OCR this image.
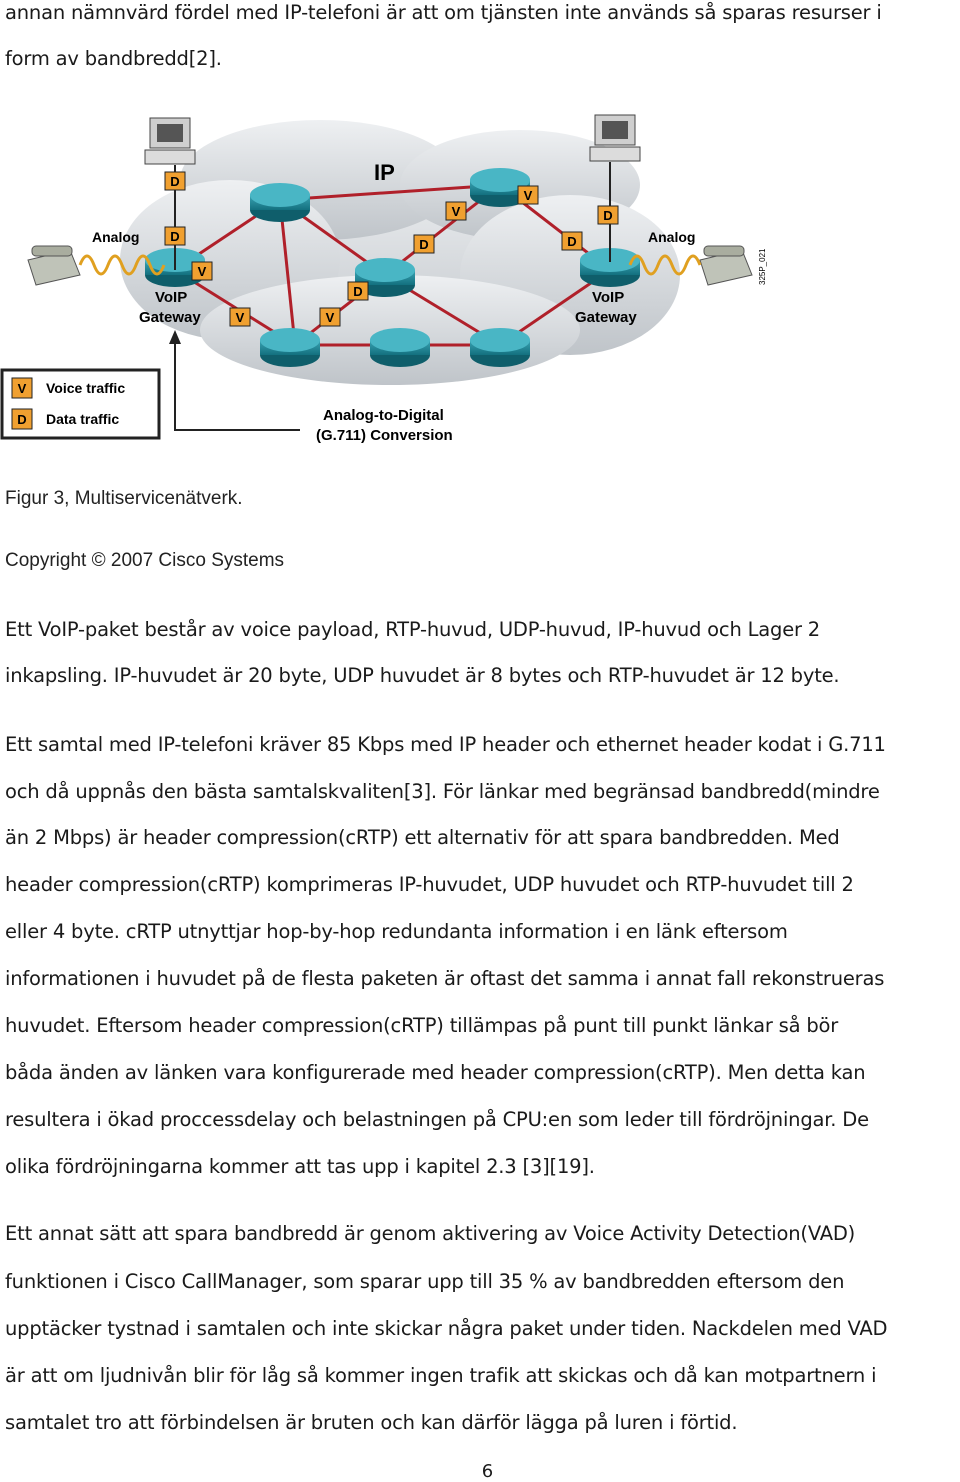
annan nämnvärd fördel med IP-telefoni är att om tjänsten inte används så sparas resurser i
form av bandbredd[2].
IP
Analog	Analog
VoIP
Gateway
VoIP
Gateway
D
D
V
V	V
D
D
V
V
D
D
V Voice traffic
D Data traffic	Analog-to-Digital
(G.711) Conversion
325P_021
Figur 3, Multiservicenätverk.
Copyright © 2007 Cisco Systems
Ett VoIP-paket består av voice payload, RTP-huvud, UDP-huvud, IP-huvud och Lager 2
inkapsling. IP-huvudet är 20 byte, UDP huvudet är 8 bytes och RTP-huvudet är 12 byte.
Ett samtal med IP-telefoni kräver 85 Kbps med IP header och ethernet header kodat i G.711
och då uppnås den bästa samtalskvaliten[3]. För länkar med begränsad bandbredd(mindre
än 2 Mbps) är header compression(cRTP) ett alternativ för att spara bandbredden. Med
header compression(cRTP) komprimeras IP-huvudet, UDP huvudet och RTP-huvudet till 2
eller 4 byte. cRTP utnyttjar hop-by-hop redundanta information i en länk eftersom
informationen i huvudet på de flesta paketen är oftast det samma i annat fall rekonstrueras
huvudet. Eftersom header compression(cRTP) tillämpas på punt till punkt länkar så bör
båda änden av länken vara konfigurerade med header compression(cRTP). Men detta kan
resultera i ökad proccessdelay och belastningen på CPU:en som leder till fördröjningar. De
olika fördröjningarna kommer att tas upp i kapitel 2.3 [3][19].
Ett annat sätt att spara bandbredd är genom aktivering av Voice Activity Detection(VAD)
funktionen i Cisco CallManager, som sparar upp till 35 % av bandbredden eftersom den
upptäcker tystnad i samtalen och inte skickar några paket under tiden. Nackdelen med VAD
är att om ljudnivån blir för låg så kommer ingen trafik att skickas och då kan motpartnern i
samtalet tro att förbindelsen är bruten och kan därför lägga på luren i förtid.
6
